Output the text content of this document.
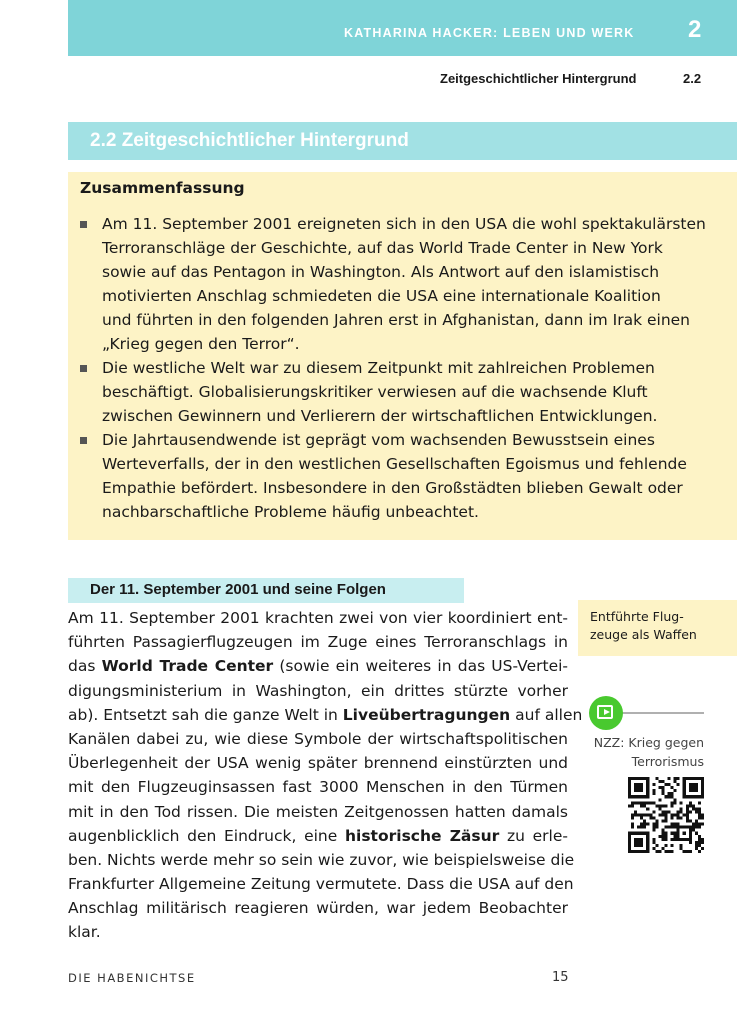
KATHARINA HACKER: LEBEN UND WERK 2
Zeitgeschichtlicher Hintergrund	2.2
2.2 Zeitgeschichtlicher Hintergrund
Zusammenfassung
Am 11. September 2001 ereigneten sich in den USA die wohl spektakulärsten
Terroranschläge der Geschichte, auf das World Trade Center in New York
sowie auf das Pentagon in Washington. Als Antwort auf den islamistisch
motivierten Anschlag schmiedeten die USA eine internationale Koalition
und führten in den folgenden Jahren erst in Afghanistan, dann im Irak einen
„Krieg gegen den Terror“.
Die westliche Welt war zu diesem Zeitpunkt mit zahlreichen Problemen
beschäftigt. Globalisierungskritiker verwiesen auf die wachsende Kluft
zwischen Gewinnern und Verlierern der wirtschaftlichen Entwicklungen.
Die Jahrtausendwende ist geprägt vom wachsenden Bewusstsein eines
Werteverfalls, der in den westlichen Gesellschaften Egoismus und fehlende
Empathie befördert. Insbesondere in den Großstädten blieben Gewalt oder
nachbarschaftliche Probleme häufig unbeachtet.
Der 11. September 2001 und seine Folgen
Am 11. September 2001 krachten zwei von vier koordiniert ent-
führten Passagierflugzeugen im Zuge eines Terroranschlags in
das World Trade Center (sowie ein weiteres in das US-Vertei-
digungsministerium in Washington, ein drittes stürzte vorher
ab). Entsetzt sah die ganze Welt in Liveübertragungen auf allen
Kanälen dabei zu, wie diese Symbole der wirtschaftspolitischen
Überlegenheit der USA wenig später brennend einstürzten und
mit den Flugzeuginsassen fast 3000 Menschen in den Türmen
mit in den Tod rissen. Die meisten Zeitgenossen hatten damals
augenblicklich den Eindruck, eine historische Zäsur zu erle-
ben. Nichts werde mehr so sein wie zuvor, wie beispielsweise die
Frankfurter Allgemeine Zeitung vermutete. Dass die USA auf den
Anschlag militärisch reagieren würden, war jedem Beobachter
klar.
Entführte Flug-
zeuge als Waffen
NZZ: Krieg gegen
Terrorismus
DIE HABENICHTSE	15
